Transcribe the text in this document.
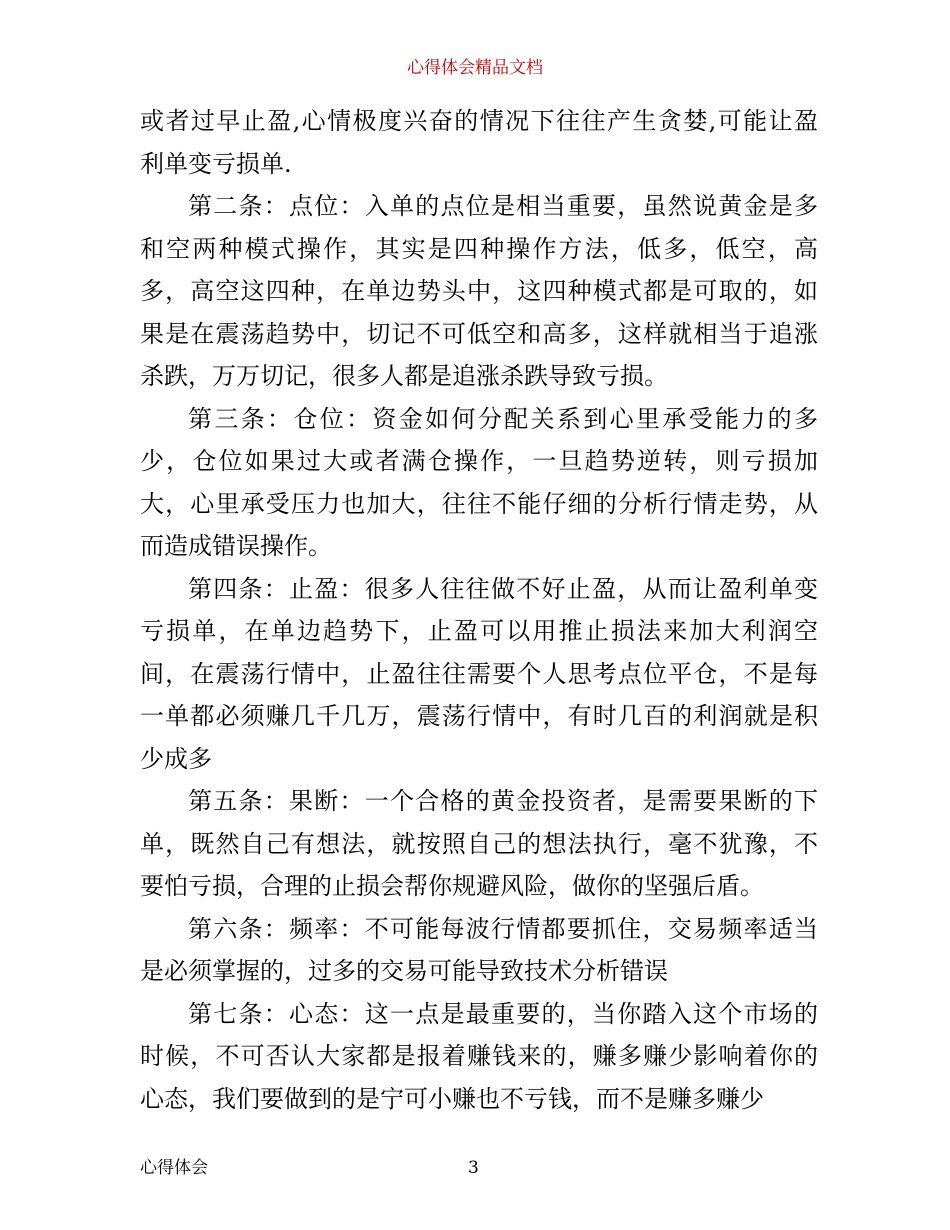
心得体会精品文档
或者过早止盈,心情极度兴奋的情况下往往产生贪婪,可能让盈
利单变亏损单.
第二条：点位：入单的点位是相当重要，虽然说黄金是多
和空两种模式操作，其实是四种操作方法，低多，低空，高
多，高空这四种，在单边势头中，这四种模式都是可取的，如
果是在震荡趋势中，切记不可低空和高多，这样就相当于追涨
杀跌，万万切记，很多人都是追涨杀跌导致亏损。
第三条：仓位：资金如何分配关系到心里承受能力的多
少，仓位如果过大或者满仓操作，一旦趋势逆转，则亏损加
大，心里承受压力也加大，往往不能仔细的分析行情走势，从
而造成错误操作。
第四条：止盈：很多人往往做不好止盈，从而让盈利单变
亏损单，在单边趋势下，止盈可以用推止损法来加大利润空
间，在震荡行情中，止盈往往需要个人思考点位平仓，不是每
一单都必须赚几千几万，震荡行情中，有时几百的利润就是积
少成多
第五条：果断：一个合格的黄金投资者，是需要果断的下
单，既然自己有想法，就按照自己的想法执行，毫不犹豫，不
要怕亏损，合理的止损会帮你规避风险，做你的坚强后盾。
第六条：频率：不可能每波行情都要抓住，交易频率适当
是必须掌握的，过多的交易可能导致技术分析错误
第七条：心态：这一点是最重要的，当你踏入这个市场的
时候，不可否认大家都是报着赚钱来的，赚多赚少影响着你的
心态，我们要做到的是宁可小赚也不亏钱，而不是赚多赚少
心得体会	3
